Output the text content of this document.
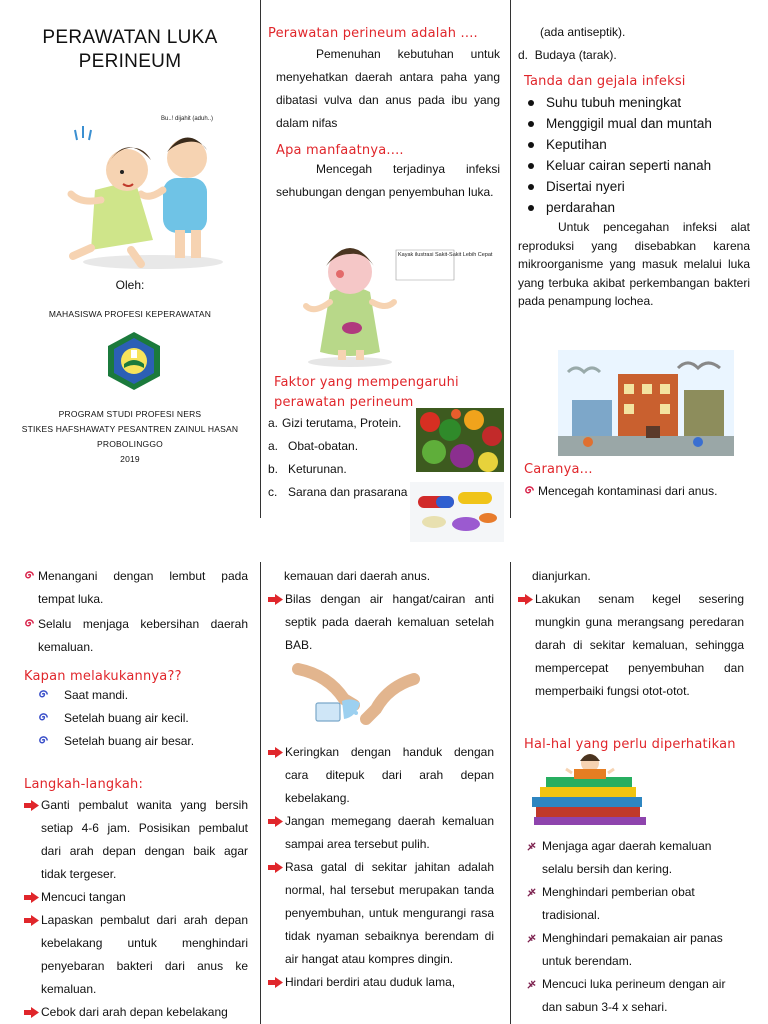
PERAWATAN LUKA
PERINEUM
Bu..! dijahit (aduh..)
Oleh:
MAHASISWA PROFESI KEPERAWATAN
PROGRAM STUDI PROFESI NERS
STIKES HAFSHAWATY PESANTREN ZAINUL HASAN
PROBOLINGGO
2019
Perawatan perineum adalah ....
Pemenuhan kebutuhan untuk menyehatkan daerah antara paha yang dibatasi vulva dan anus pada ibu yang dalam nifas
Apa manfaatnya....
Mencegah terjadinya infeksi sehubungan dengan penyembuhan luka.
Kayak ilustrasi Sakit-Sakit Lebih Cepat
Faktor yang mempengaruhi
perawatan perineum
a. Gizi terutama, Protein.
a. Obat-obatan.
b. Keturunan.
c. Sarana dan prasarana
(ada antiseptik).
d. Budaya (tarak).
Tanda dan gejala infeksi
Suhu tubuh meningkat
Menggigil mual dan muntah
Keputihan
Keluar cairan seperti nanah
Disertai nyeri
perdarahan
Untuk pencegahan infeksi alat reproduksi yang disebabkan karena mikroorganisme yang masuk melalui luka yang terbuka akibat perkembangan bakteri pada penampung lochea.
Caranya...
Mencegah kontaminasi dari anus.
Menangani dengan lembut pada tempat luka.
Selalu menjaga kebersihan daerah kemaluan.
Kapan melakukannya??
Saat mandi.
Setelah buang air kecil.
Setelah buang air besar.
Langkah-langkah:
Ganti pembalut wanita yang bersih setiap 4-6 jam. Posisikan pembalut dari arah depan dengan baik agar tidak tergeser.
Mencuci tangan
Lapaskan pembalut dari arah depan kebelakang untuk menghindari penyebaran bakteri dari anus ke kemaluan.
Cebok dari arah depan kebelakang
kemauan dari daerah anus.
Bilas dengan air hangat/cairan anti septik pada daerah kemaluan setelah BAB.
Keringkan dengan handuk dengan cara ditepuk dari arah depan kebelakang.
Jangan memegang daerah kemaluan sampai area tersebut pulih.
Rasa gatal di sekitar jahitan adalah normal, hal tersebut merupakan tanda penyembuhan, untuk mengurangi rasa tidak nyaman sebaiknya berendam di air hangat atau kompres dingin.
Hindari berdiri atau duduk lama,
dianjurkan.
Lakukan senam kegel sesering mungkin guna merangsang peredaran darah di sekitar kemaluan, sehingga mempercepat penyembuhan dan memperbaiki fungsi otot-otot.
Hal-hal yang perlu diperhatikan
Menjaga agar daerah kemaluan selalu bersih dan kering.
Menghindari pemberian obat tradisional.
Menghindari pemakaian air panas untuk berendam.
Mencuci luka perineum dengan air dan sabun 3-4 x sehari.
